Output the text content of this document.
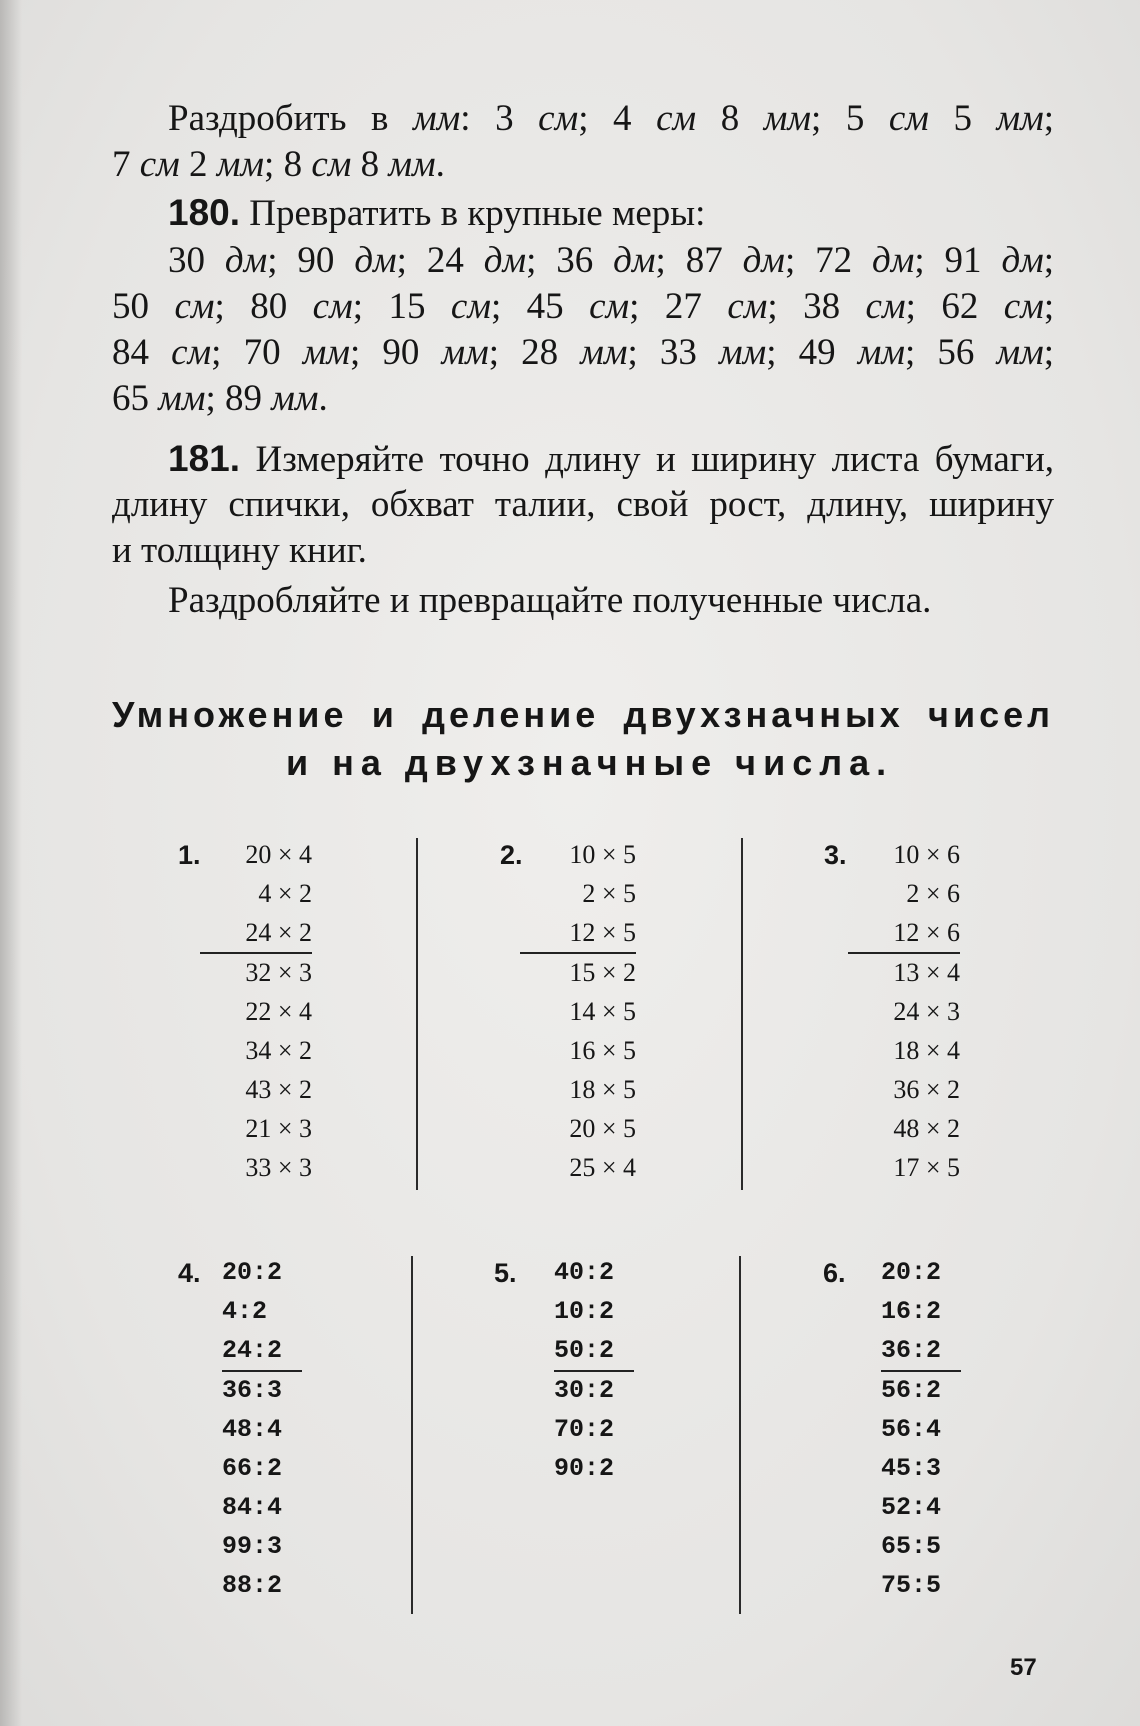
Раздробить в мм: 3 см; 4 см 8 мм; 5 см 5 мм;
7 см 2 мм; 8 см 8 мм.
180. Превратить в крупные меры:
30 дм; 90 дм; 24 дм; 36 дм; 87 дм; 72 дм; 91 дм;
50 см; 80 см; 15 см; 45 см; 27 см; 38 см; 62 см;
84 см; 70 мм; 90 мм; 28 мм; 33 мм; 49 мм; 56 мм;
65 мм; 89 мм.
181. Измеряйте точно длину и ширину лиcта бумаги,
длину спички, обхват талии, свой рост, длину, ширину
и толщину книг.
Раздробляйте и превращайте полученные числа.
Умножение и деление двухзначных чисел
и на двухзначные числа.
1.	20 × 4
4 × 2
24 × 2
32 × 3
22 × 4
34 × 2
43 × 2
21 × 3
33 × 3
2.	10 × 5
2 × 5
12 × 5
15 × 2
14 × 5
16 × 5
18 × 5
20 × 5
25 × 4
3.	10 × 6
2 × 6
12 × 6
13 × 4
24 × 3
18 × 4
36 × 2
48 × 2
17 × 5
4. 20:2
4:2
24:2
36:3
48:4
66:2
84:4
99:3
88:2
5. 40:2
10:2
50:2
30:2
70:2
90:2
6. 20:2
16:2
36:2
56:2
56:4
45:3
52:4
65:5
75:5
57
